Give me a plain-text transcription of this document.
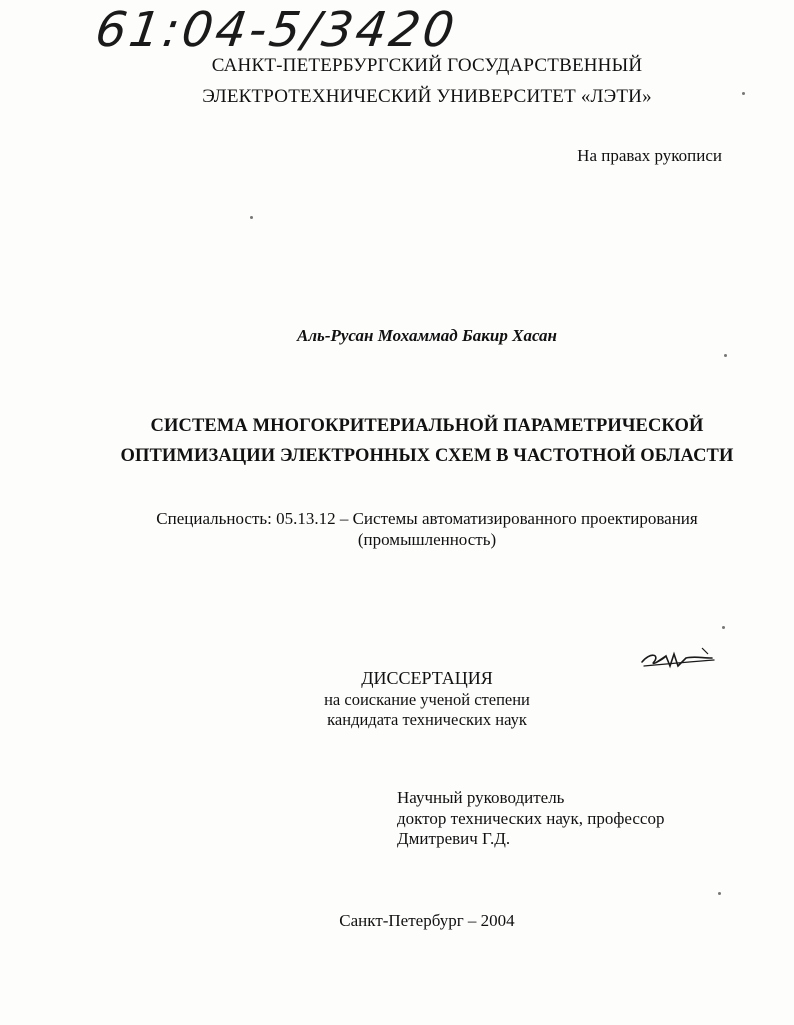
61:04-5/3420
САНКТ-ПЕТЕРБУРГСКИЙ ГОСУДАРСТВЕННЫЙ
ЭЛЕКТРОТЕХНИЧЕСКИЙ УНИВЕРСИТЕТ «ЛЭТИ»
На правах рукописи
Аль-Русан Мохаммад Бакир Хасан
СИСТЕМА МНОГОКРИТЕРИАЛЬНОЙ ПАРАМЕТРИЧЕСКОЙ
ОПТИМИЗАЦИИ ЭЛЕКТРОННЫХ СХЕМ В ЧАСТОТНОЙ ОБЛАСТИ
Специальность: 05.13.12 – Системы автоматизированного проектирования
(промышленность)
ДИССЕРТАЦИЯ
на соискание ученой степени
кандидата технических наук
Научный руководитель
доктор технических наук, профессор
Дмитревич Г.Д.
Санкт-Петербург – 2004
